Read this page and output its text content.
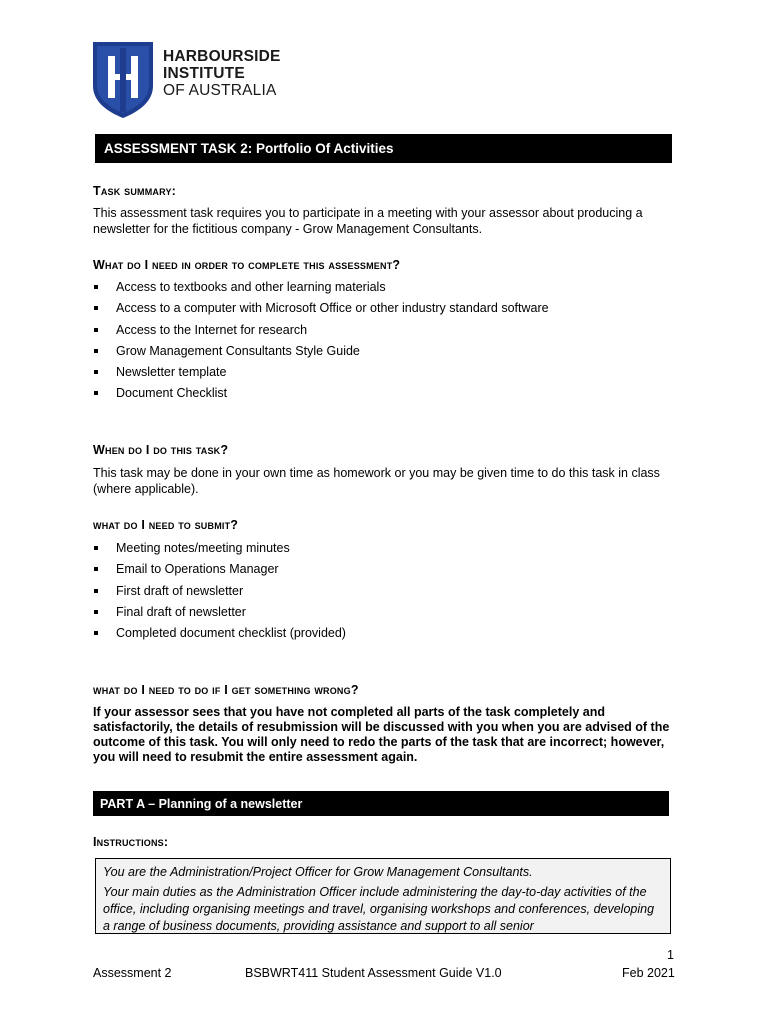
HARBOURSIDE
INSTITUTE
OF AUSTRALIA
ASSESSMENT TASK 2: Portfolio Of Activities
Task summary:
This assessment task requires you to participate in a meeting with your assessor about producing a newsletter for the fictitious company - Grow Management Consultants.
What do I need in order to complete this assessment?
Access to textbooks and other learning materials
Access to a computer with Microsoft Office or other industry standard software
Access to the Internet for research
Grow Management Consultants Style Guide
Newsletter template
Document Checklist
When do I do this task?
This task may be done in your own time as homework or you may be given time to do this task in class (where applicable).
what do I need to submit?
Meeting notes/meeting minutes
Email to Operations Manager
First draft of newsletter
Final draft of newsletter
Completed document checklist (provided)
what do I need to do if I get something wrong?
If your assessor sees that you have not completed all parts of the task completely and satisfactorily, the details of resubmission will be discussed with you when you are advised of the outcome of this task. You will only need to redo the parts of the task that are incorrect; however, you will need to resubmit the entire assessment again.
PART A – Planning of a newsletter
Instructions:

You are the Administration/Project Officer for Grow Management Consultants.

Your main duties as the Administration Officer include administering the day-to-day activities of the office, including organising meetings and travel, organising workshops and conferences, developing a range of business documents, providing assistance and support to all senior

1
Assessment 2	BSBWRT411 Student Assessment Guide V1.0	Feb 2021
